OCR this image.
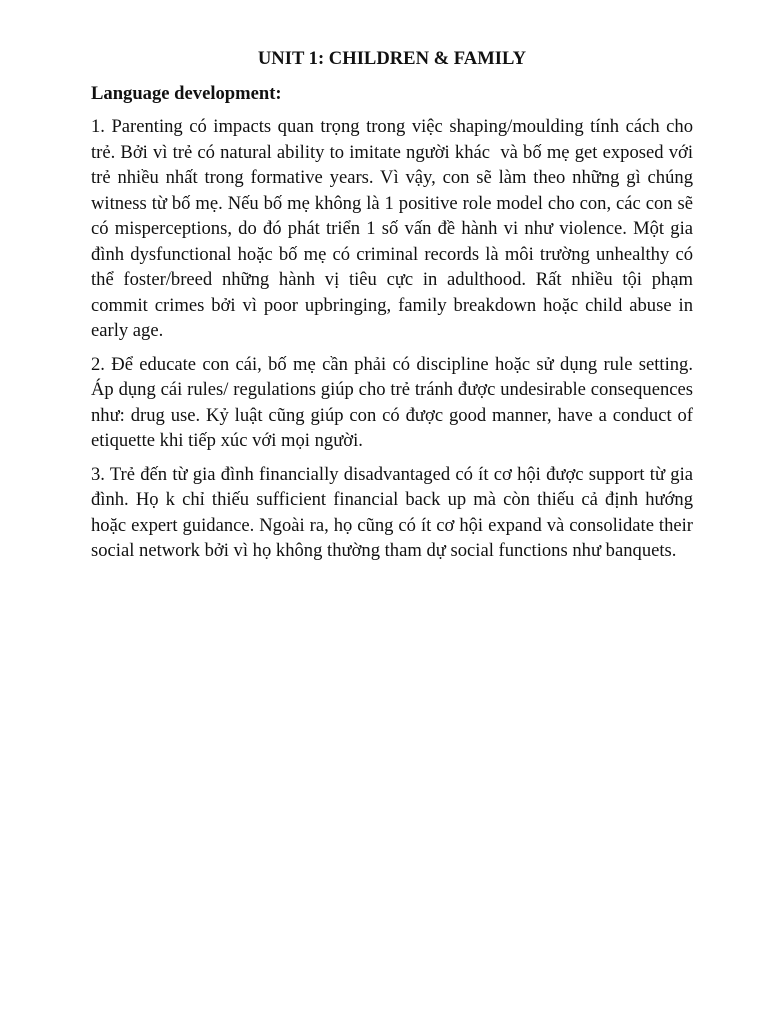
UNIT 1: CHILDREN & FAMILY
Language development:

1. Parenting có impacts quan trọng trong việc shaping/moulding tính cách cho trẻ. Bởi vì trẻ có natural ability to imitate người khác  và bố mẹ get exposed với trẻ nhiều nhất trong formative years. Vì vậy, con sẽ làm theo những gì chúng witness từ bố mẹ. Nếu bố mẹ không là 1 positive role model cho con, các con sẽ có misperceptions, do đó phát triển 1 số vấn đề hành vi như violence. Một gia đình dysfunctional hoặc bố mẹ có criminal records là môi trường unhealthy có thể foster/breed những hành vị tiêu cực in adulthood. Rất nhiều tội phạm commit crimes bởi vì poor upbringing, family breakdown hoặc child abuse in early age.

2. Để educate con cái, bố mẹ cần phải có discipline hoặc sử dụng rule setting. Áp dụng cái rules/ regulations giúp cho trẻ tránh được undesirable consequences như: drug use. Kỷ luật cũng giúp con có được good manner, have a conduct of etiquette khi tiếp xúc với mọi người.

3. Trẻ đến từ gia đình financially disadvantaged có ít cơ hội được support từ gia đình. Họ k chỉ thiếu sufficient financial back up mà còn thiếu cả định hướng hoặc expert guidance. Ngoài ra, họ cũng có ít cơ hội expand và consolidate their social network bởi vì họ không thường tham dự social functions như banquets.
